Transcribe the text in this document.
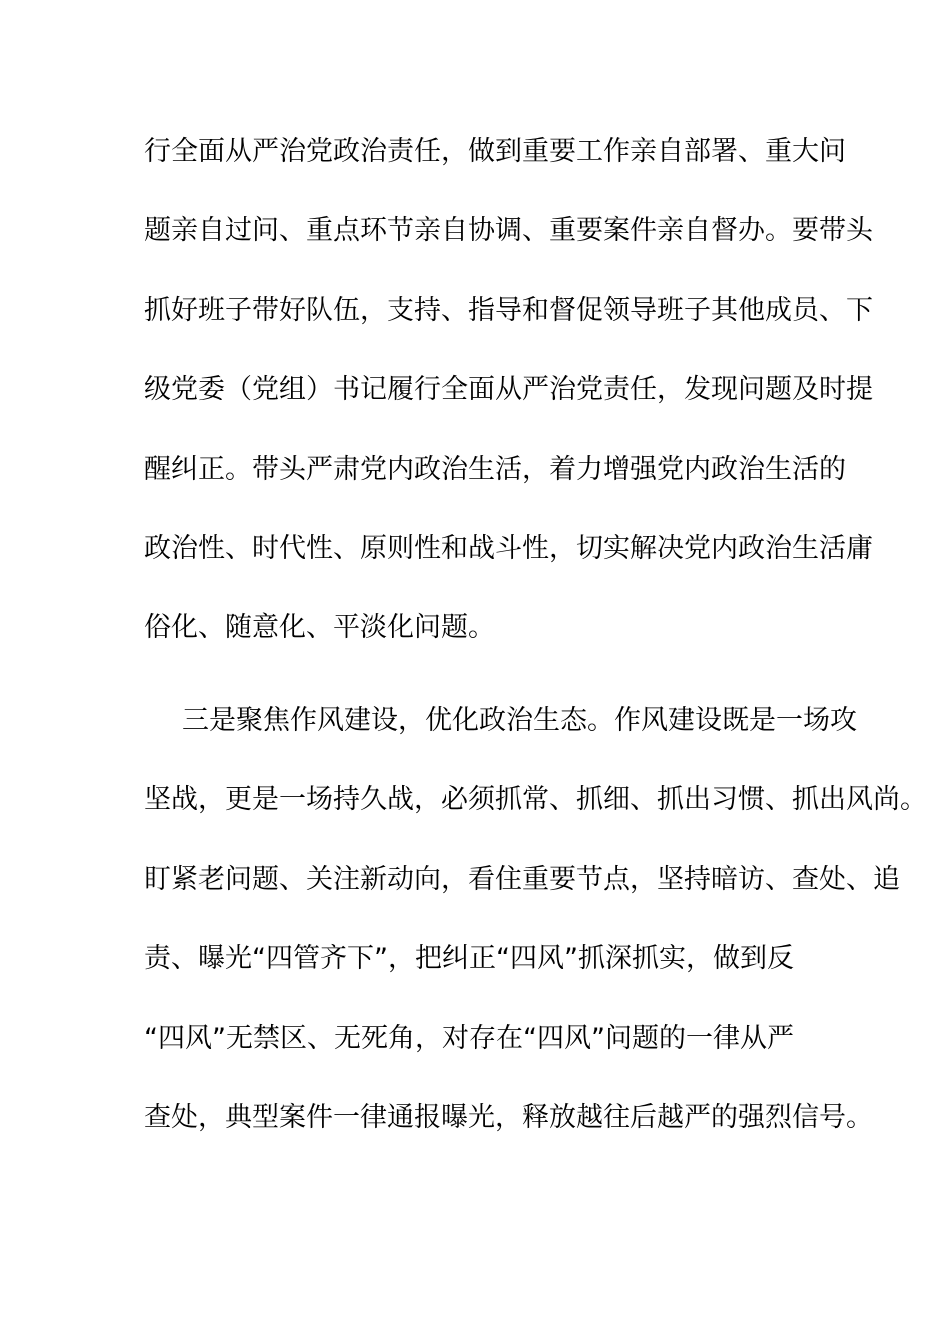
行全面从严治党政治责任，做到重要工作亲自部署、重大问
题亲自过问、重点环节亲自协调、重要案件亲自督办。要带头
抓好班子带好队伍，支持、指导和督促领导班子其他成员、下
级党委（党组）书记履行全面从严治党责任，发现问题及时提
醒纠正。带头严肃党内政治生活，着力增强党内政治生活的
政治性、时代性、原则性和战斗性，切实解决党内政治生活庸
俗化、随意化、平淡化问题。
三是聚焦作风建设，优化政治生态。作风建设既是一场攻
坚战，更是一场持久战，必须抓常、抓细、抓出习惯、抓出风尚。
盯紧老问题、关注新动向，看住重要节点，坚持暗访、查处、追
责、曝光“四管齐下”，把纠正“四风”抓深抓实，做到反
“四风”无禁区、无死角，对存在“四风”问题的一律从严
查处，典型案件一律通报曝光，释放越往后越严的强烈信号。
